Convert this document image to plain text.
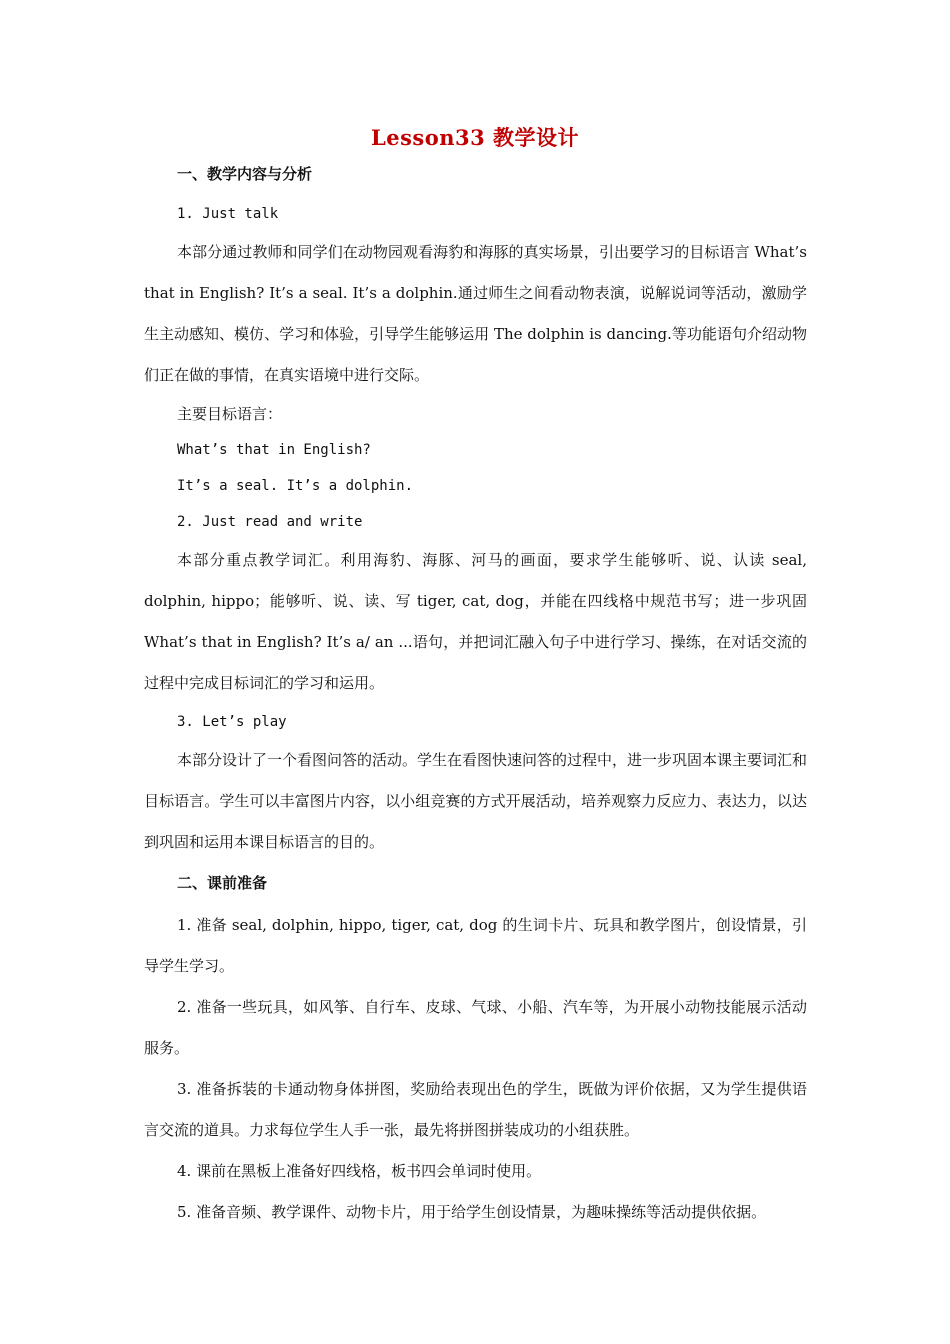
Lesson33 教学设计

一、教学内容与分析

1. Just talk

本部分通过教师和同学们在动物园观看海豹和海豚的真实场景，引出要学习的目标语言 What’s that in English? It’s a seal. It’s a dolphin.通过师生之间看动物表演，说解说词等活动，激励学生主动感知、模仿、学习和体验，引导学生能够运用 The dolphin is dancing.等功能语句介绍动物们正在做的事情，在真实语境中进行交际。

主要目标语言：

What’s that in English?

It’s a seal. It’s a dolphin.

2. Just read and write

本部分重点教学词汇。利用海豹、海豚、河马的画面，要求学生能够听、说、认读 seal, dolphin, hippo；能够听、说、读、写 tiger, cat, dog，并能在四线格中规范书写；进一步巩固 What’s that in English? It’s a/ an ...语句，并把词汇融入句子中进行学习、操练，在对话交流的过程中完成目标词汇的学习和运用。

3. Let’s play

本部分设计了一个看图问答的活动。学生在看图快速问答的过程中，进一步巩固本课主要词汇和目标语言。学生可以丰富图片内容，以小组竞赛的方式开展活动，培养观察力反应力、表达力，以达到巩固和运用本课目标语言的目的。

二、课前准备

1. 准备 seal, dolphin, hippo, tiger, cat, dog 的生词卡片、玩具和教学图片，创设情景，引导学生学习。

2. 准备一些玩具，如风筝、自行车、皮球、气球、小船、汽车等，为开展小动物技能展示活动服务。

3. 准备拆装的卡通动物身体拼图，奖励给表现出色的学生，既做为评价依据，又为学生提供语言交流的道具。力求每位学生人手一张，最先将拼图拼装成功的小组获胜。

4. 课前在黑板上准备好四线格，板书四会单词时使用。

5. 准备音频、教学课件、动物卡片，用于给学生创设情景，为趣味操练等活动提供依据。
